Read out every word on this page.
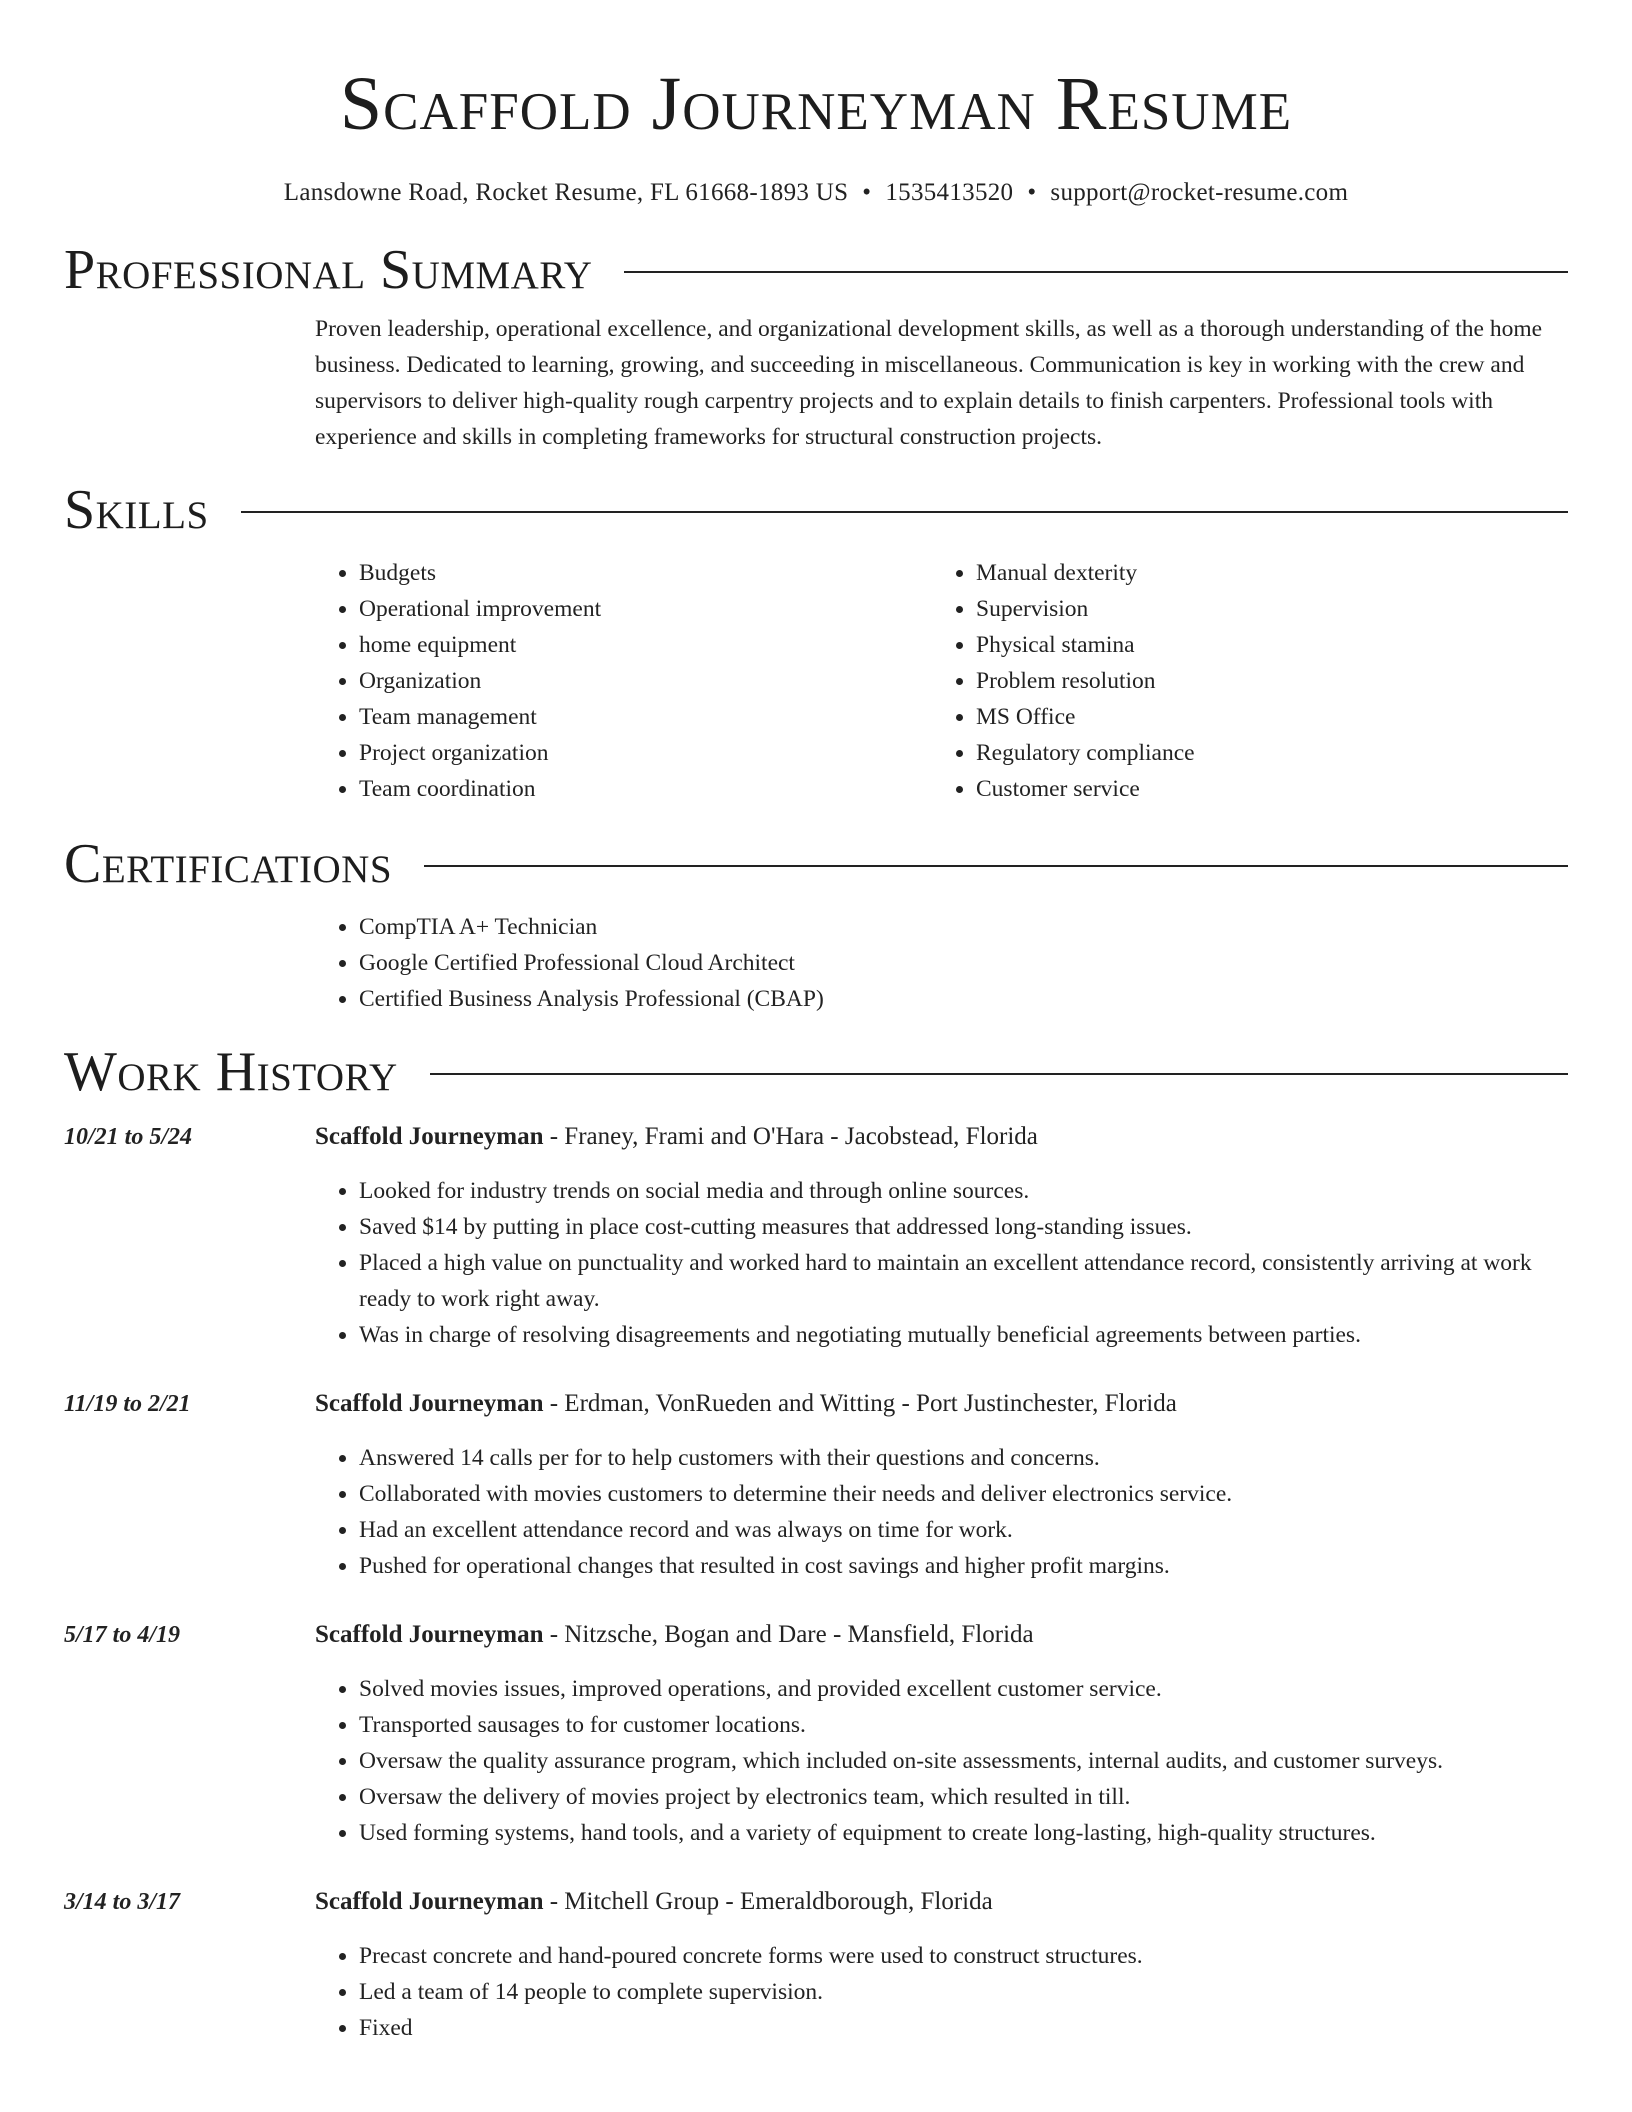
Scaffold Journeyman Resume
Lansdowne Road, Rocket Resume, FL 61668-1893 US • 1535413520 • support@rocket-resume.com
Professional Summary

Proven leadership, operational excellence, and organizational development skills, as well as a thorough understanding of the home business. Dedicated to learning, growing, and succeeding in miscellaneous. Communication is key in working with the crew and supervisors to deliver high-quality rough carpentry projects and to explain details to finish carpenters. Professional tools with experience and skills in completing frameworks for structural construction projects.

Skills
• Budgets
• Operational improvement
• home equipment
• Organization
• Team management
• Project organization
• Team coordination
• Manual dexterity
• Supervision
• Physical stamina
• Problem resolution
• MS Office
• Regulatory compliance
• Customer service
Certifications
• CompTIA A+ Technician
• Google Certified Professional Cloud Architect
• Certified Business Analysis Professional (CBAP)
Work History
10/21 to 5/24	Scaffold Journeyman - Franey, Frami and O'Hara - Jacobstead, Florida
• Looked for industry trends on social media and through online sources.
• Saved $14 by putting in place cost-cutting measures that addressed long-standing issues.
• Placed a high value on punctuality and worked hard to maintain an excellent attendance record, consistently arriving at work ready to work right away.
• Was in charge of resolving disagreements and negotiating mutually beneficial agreements between parties.
11/19 to 2/21	Scaffold Journeyman - Erdman, VonRueden and Witting - Port Justinchester, Florida
• Answered 14 calls per for to help customers with their questions and concerns.
• Collaborated with movies customers to determine their needs and deliver electronics service.
• Had an excellent attendance record and was always on time for work.
• Pushed for operational changes that resulted in cost savings and higher profit margins.
5/17 to 4/19	Scaffold Journeyman - Nitzsche, Bogan and Dare - Mansfield, Florida
• Solved movies issues, improved operations, and provided excellent customer service.
• Transported sausages to for customer locations.
• Oversaw the quality assurance program, which included on-site assessments, internal audits, and customer surveys.
• Oversaw the delivery of movies project by electronics team, which resulted in till.
• Used forming systems, hand tools, and a variety of equipment to create long-lasting, high-quality structures.
3/14 to 3/17	Scaffold Journeyman - Mitchell Group - Emeraldborough, Florida
• Precast concrete and hand-poured concrete forms were used to construct structures.
• Led a team of 14 people to complete supervision.
• Fixed
